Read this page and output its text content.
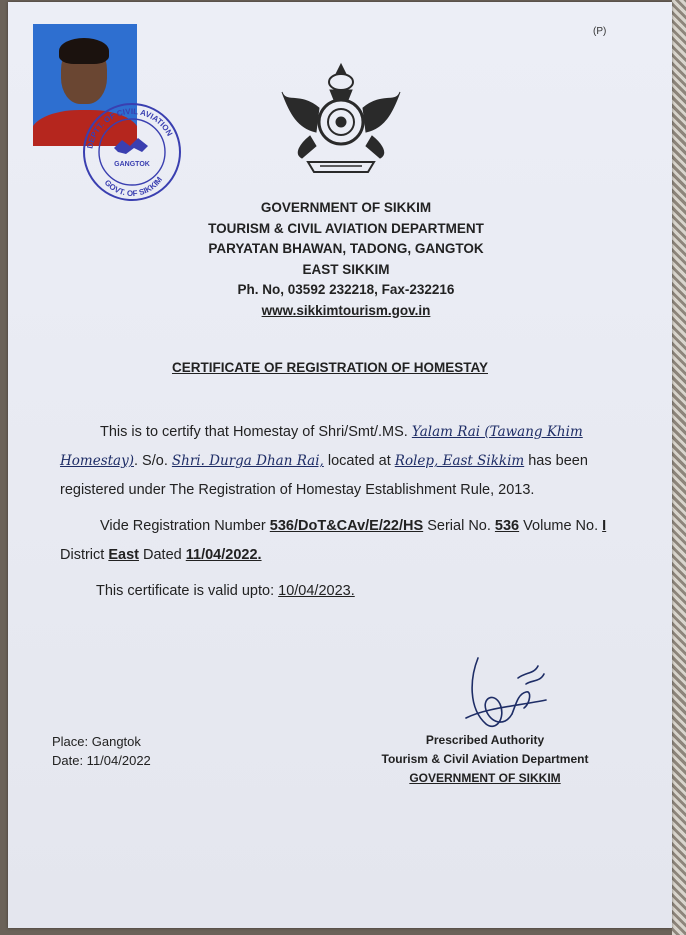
(P)
DEPTT. OF CIVIL AVIATION
GOVT. OF SIKKIM
GANGTOK
GOVERNMENT OF SIKKIM
TOURISM & CIVIL AVIATION DEPARTMENT
PARYATAN BHAWAN, TADONG, GANGTOK
EAST SIKKIM
Ph. No, 03592 232218, Fax-232216
www.sikkimtourism.gov.in
CERTIFICATE OF REGISTRATION OF HOMESTAY

This is to certify that Homestay of Shri/Smt/.MS. Yalam Rai (Tawang Khim Homestay). S/o. Shri. Durga Dhan Rai, located at Rolep, East Sikkim has been registered under The Registration of Homestay Establishment Rule, 2013.

Vide Registration Number 536/DoT&CAv/E/22/HS Serial No. 536 Volume No. I District East Dated 11/04/2022.

This certificate is valid upto: 10/04/2023.

Place: Gangtok
Date: 11/04/2022
Prescribed Authority
Tourism & Civil Aviation Department
GOVERNMENT OF SIKKIM
